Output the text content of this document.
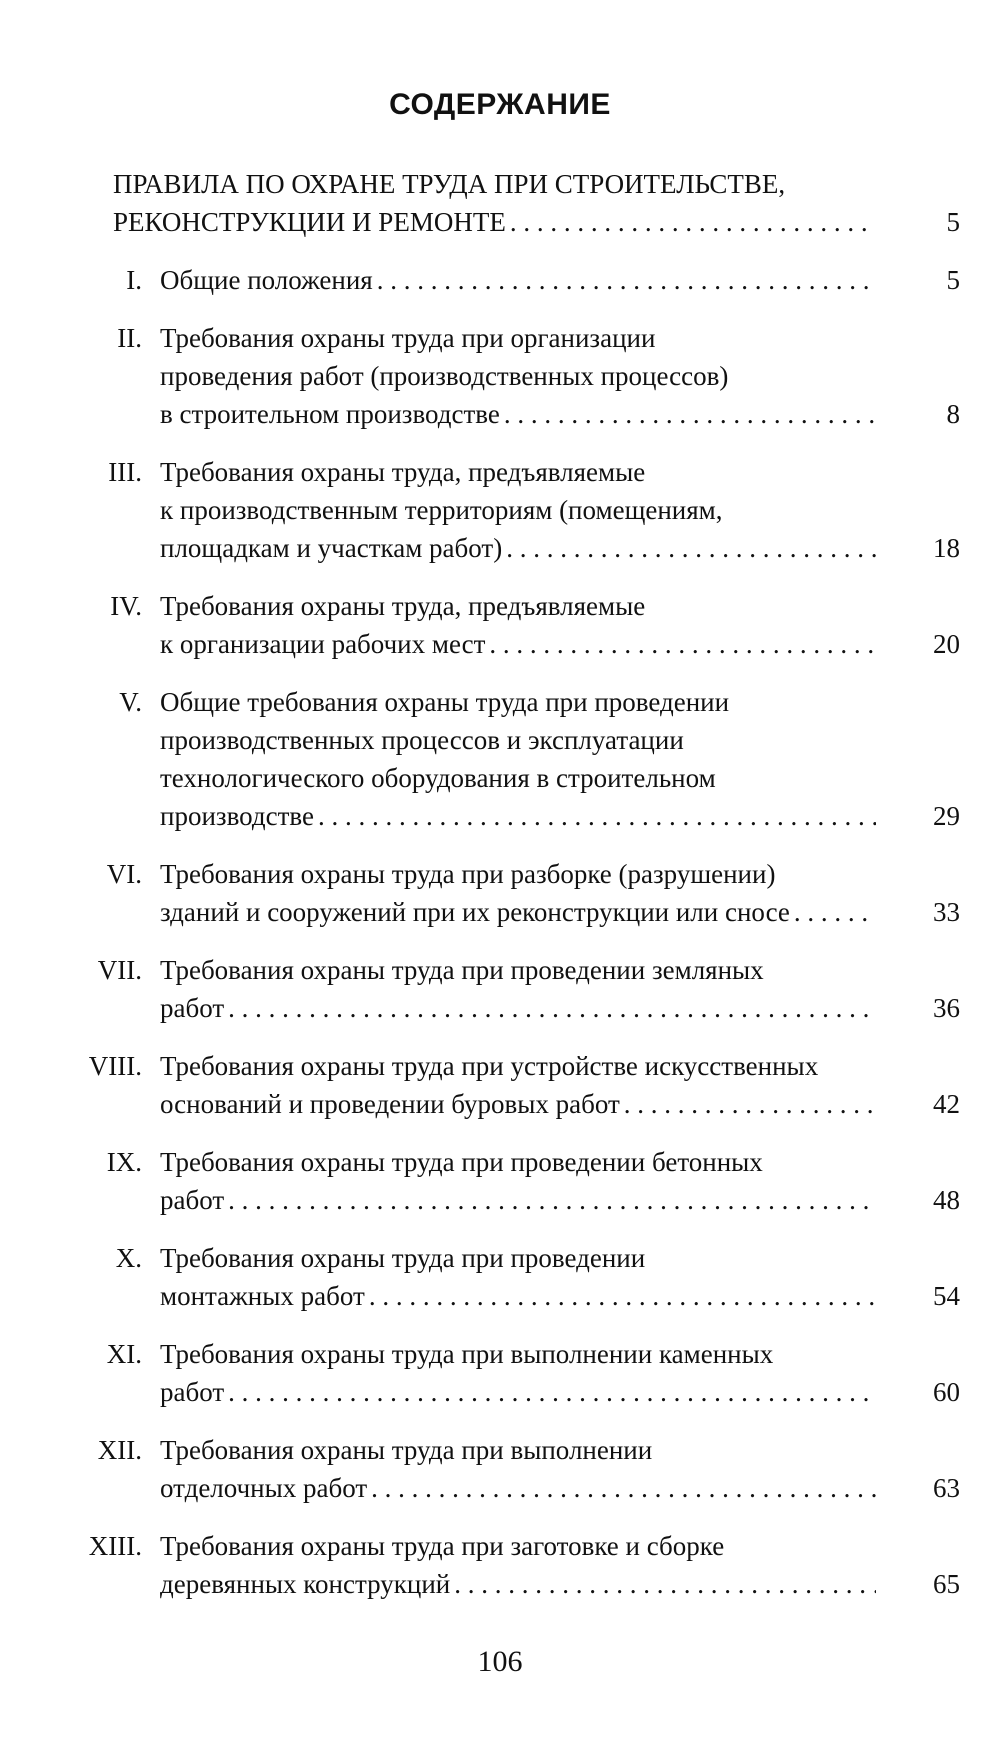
СОДЕРЖАНИЕ
ПРАВИЛА ПО ОХРАНЕ ТРУДА ПРИ СТРОИТЕЛЬСТВЕ,
РЕКОНСТРУКЦИИ И РЕМОНТЕ . . .	5
I. Общие положения . . .	5
II. Требования охраны труда при организации
проведения работ (производственных процессов)
в строительном производстве . . .	8
III. Требования охраны труда, предъявляемые
к производственным территориям (помещениям,
площадкам и участкам работ) . . .	18
IV. Требования охраны труда, предъявляемые
к организации рабочих мест . . .	20
V. Общие требования охраны труда при проведении
производственных процессов и эксплуатации
технологического оборудования в строительном
производстве . . .	29
VI. Требования охраны труда при разборке (разрушении)
зданий и сооружений при их реконструкции или сносе . . .	33
VII. Требования охраны труда при проведении земляных
работ . . .	36
VIII. Требования охраны труда при устройстве искусственных
оснований и проведении буровых работ . . .	42
IX. Требования охраны труда при проведении бетонных
работ . . .	48
X. Требования охраны труда при проведении
монтажных работ . . .	54
XI. Требования охраны труда при выполнении каменных
работ . . .	60
XII. Требования охраны труда при выполнении
отделочных работ . . .	63
XIII. Требования охраны труда при заготовке и сборке
деревянных конструкций . . .	65
106
